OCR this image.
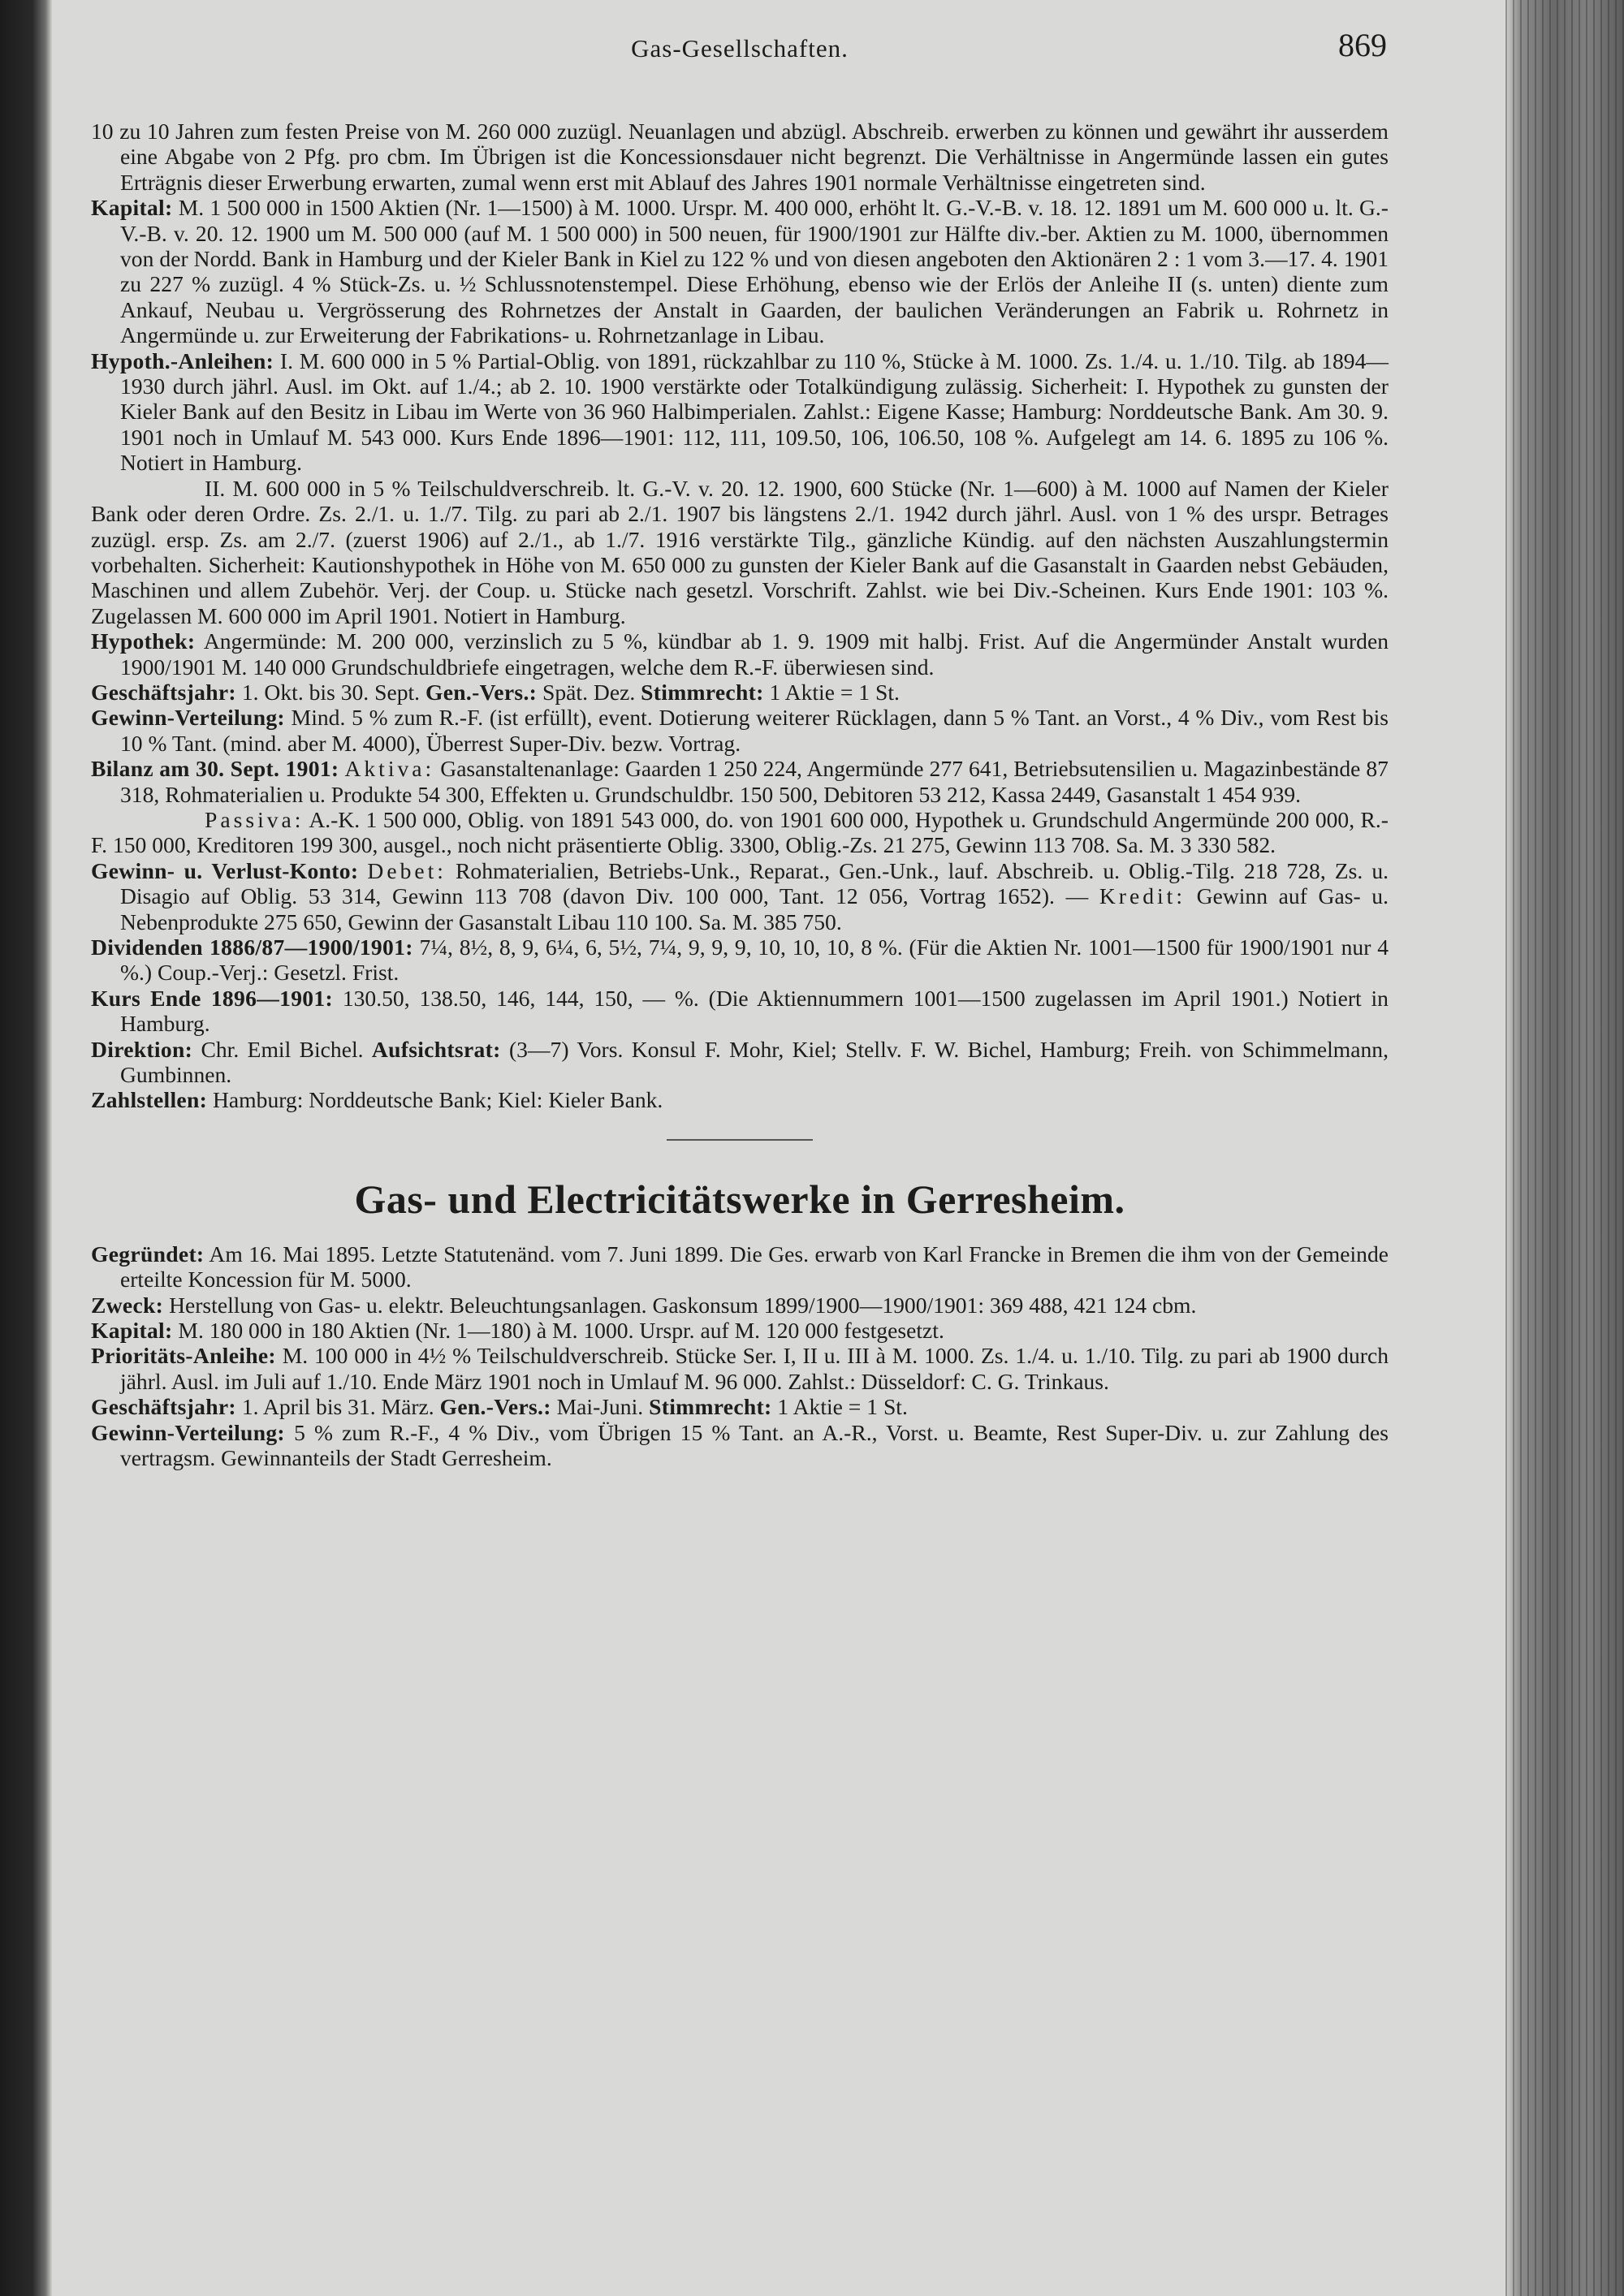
Gas-Gesellschaften.	869

10 zu 10 Jahren zum festen Preise von M. 260 000 zuzügl. Neuanlagen und abzügl. Abschreib. erwerben zu können und gewährt ihr ausserdem eine Abgabe von 2 Pfg. pro cbm. Im Übrigen ist die Koncessionsdauer nicht begrenzt. Die Verhältnisse in Angermünde lassen ein gutes Erträgnis dieser Erwerbung erwarten, zumal wenn erst mit Ablauf des Jahres 1901 normale Verhältnisse eingetreten sind.

Kapital: M. 1 500 000 in 1500 Aktien (Nr. 1—1500) à M. 1000. Urspr. M. 400 000, erhöht lt. G.-V.-B. v. 18. 12. 1891 um M. 600 000 u. lt. G.-V.-B. v. 20. 12. 1900 um M. 500 000 (auf M. 1 500 000) in 500 neuen, für 1900/1901 zur Hälfte div.-ber. Aktien zu M. 1000, übernommen von der Nordd. Bank in Hamburg und der Kieler Bank in Kiel zu 122 % und von diesen angeboten den Aktionären 2 : 1 vom 3.—17. 4. 1901 zu 227 % zuzügl. 4 % Stück-Zs. u. ½ Schlussnotenstempel. Diese Erhöhung, ebenso wie der Erlös der Anleihe II (s. unten) diente zum Ankauf, Neubau u. Vergrösserung des Rohrnetzes der Anstalt in Gaarden, der baulichen Veränderungen an Fabrik u. Rohrnetz in Angermünde u. zur Erweiterung der Fabrikations- u. Rohrnetzanlage in Libau.

Hypoth.-Anleihen: I. M. 600 000 in 5 % Partial-Oblig. von 1891, rückzahlbar zu 110 %, Stücke à M. 1000. Zs. 1./4. u. 1./10. Tilg. ab 1894—1930 durch jährl. Ausl. im Okt. auf 1./4.; ab 2. 10. 1900 verstärkte oder Totalkündigung zulässig. Sicherheit: I. Hypothek zu gunsten der Kieler Bank auf den Besitz in Libau im Werte von 36 960 Halbimperialen. Zahlst.: Eigene Kasse; Hamburg: Norddeutsche Bank. Am 30. 9. 1901 noch in Umlauf M. 543 000. Kurs Ende 1896—1901: 112, 111, 109.50, 106, 106.50, 108 %. Aufgelegt am 14. 6. 1895 zu 106 %. Notiert in Hamburg.

II. M. 600 000 in 5 % Teilschuldverschreib. lt. G.-V. v. 20. 12. 1900, 600 Stücke (Nr. 1—600) à M. 1000 auf Namen der Kieler Bank oder deren Ordre. Zs. 2./1. u. 1./7. Tilg. zu pari ab 2./1. 1907 bis längstens 2./1. 1942 durch jährl. Ausl. von 1 % des urspr. Betrages zuzügl. ersp. Zs. am 2./7. (zuerst 1906) auf 2./1., ab 1./7. 1916 verstärkte Tilg., gänzliche Kündig. auf den nächsten Auszahlungstermin vorbehalten. Sicherheit: Kautionshypothek in Höhe von M. 650 000 zu gunsten der Kieler Bank auf die Gasanstalt in Gaarden nebst Gebäuden, Maschinen und allem Zubehör. Verj. der Coup. u. Stücke nach gesetzl. Vorschrift. Zahlst. wie bei Div.-Scheinen. Kurs Ende 1901: 103 %. Zugelassen M. 600 000 im April 1901. Notiert in Hamburg.

Hypothek: Angermünde: M. 200 000, verzinslich zu 5 %, kündbar ab 1. 9. 1909 mit halbj. Frist. Auf die Angermünder Anstalt wurden 1900/1901 M. 140 000 Grundschuldbriefe eingetragen, welche dem R.-F. überwiesen sind.

Geschäftsjahr: 1. Okt. bis 30. Sept. Gen.-Vers.: Spät. Dez. Stimmrecht: 1 Aktie = 1 St.

Gewinn-Verteilung: Mind. 5 % zum R.-F. (ist erfüllt), event. Dotierung weiterer Rücklagen, dann 5 % Tant. an Vorst., 4 % Div., vom Rest bis 10 % Tant. (mind. aber M. 4000), Überrest Super-Div. bezw. Vortrag.

Bilanz am 30. Sept. 1901: Aktiva: Gasanstaltenanlage: Gaarden 1 250 224, Angermünde 277 641, Betriebsutensilien u. Magazinbestände 87 318, Rohmaterialien u. Produkte 54 300, Effekten u. Grundschuldbr. 150 500, Debitoren 53 212, Kassa 2449, Gasanstalt 1 454 939.

Passiva: A.-K. 1 500 000, Oblig. von 1891 543 000, do. von 1901 600 000, Hypothek u. Grundschuld Angermünde 200 000, R.-F. 150 000, Kreditoren 199 300, ausgel., noch nicht präsentierte Oblig. 3300, Oblig.-Zs. 21 275, Gewinn 113 708. Sa. M. 3 330 582.

Gewinn- u. Verlust-Konto: Debet: Rohmaterialien, Betriebs-Unk., Reparat., Gen.-Unk., lauf. Abschreib. u. Oblig.-Tilg. 218 728, Zs. u. Disagio auf Oblig. 53 314, Gewinn 113 708 (davon Div. 100 000, Tant. 12 056, Vortrag 1652). — Kredit: Gewinn auf Gas- u. Nebenprodukte 275 650, Gewinn der Gasanstalt Libau 110 100. Sa. M. 385 750.

Dividenden 1886/87—1900/1901: 7¼, 8½, 8, 9, 6¼, 6, 5½, 7¼, 9, 9, 9, 10, 10, 10, 8 %. (Für die Aktien Nr. 1001—1500 für 1900/1901 nur 4 %.) Coup.-Verj.: Gesetzl. Frist.

Kurs Ende 1896—1901: 130.50, 138.50, 146, 144, 150, — %. (Die Aktiennummern 1001—1500 zugelassen im April 1901.) Notiert in Hamburg.

Direktion: Chr. Emil Bichel. Aufsichtsrat: (3—7) Vors. Konsul F. Mohr, Kiel; Stellv. F. W. Bichel, Hamburg; Freih. von Schimmelmann, Gumbinnen.

Zahlstellen: Hamburg: Norddeutsche Bank; Kiel: Kieler Bank.

Gas- und Electricitätswerke in Gerresheim.

Gegründet: Am 16. Mai 1895. Letzte Statutenänd. vom 7. Juni 1899. Die Ges. erwarb von Karl Francke in Bremen die ihm von der Gemeinde erteilte Koncession für M. 5000.

Zweck: Herstellung von Gas- u. elektr. Beleuchtungsanlagen. Gaskonsum 1899/1900—1900/1901: 369 488, 421 124 cbm.

Kapital: M. 180 000 in 180 Aktien (Nr. 1—180) à M. 1000. Urspr. auf M. 120 000 festgesetzt.

Prioritäts-Anleihe: M. 100 000 in 4½ % Teilschuldverschreib. Stücke Ser. I, II u. III à M. 1000. Zs. 1./4. u. 1./10. Tilg. zu pari ab 1900 durch jährl. Ausl. im Juli auf 1./10. Ende März 1901 noch in Umlauf M. 96 000. Zahlst.: Düsseldorf: C. G. Trinkaus.

Geschäftsjahr: 1. April bis 31. März. Gen.-Vers.: Mai-Juni. Stimmrecht: 1 Aktie = 1 St.

Gewinn-Verteilung: 5 % zum R.-F., 4 % Div., vom Übrigen 15 % Tant. an A.-R., Vorst. u. Beamte, Rest Super-Div. u. zur Zahlung des vertragsm. Gewinnanteils der Stadt Gerresheim.
